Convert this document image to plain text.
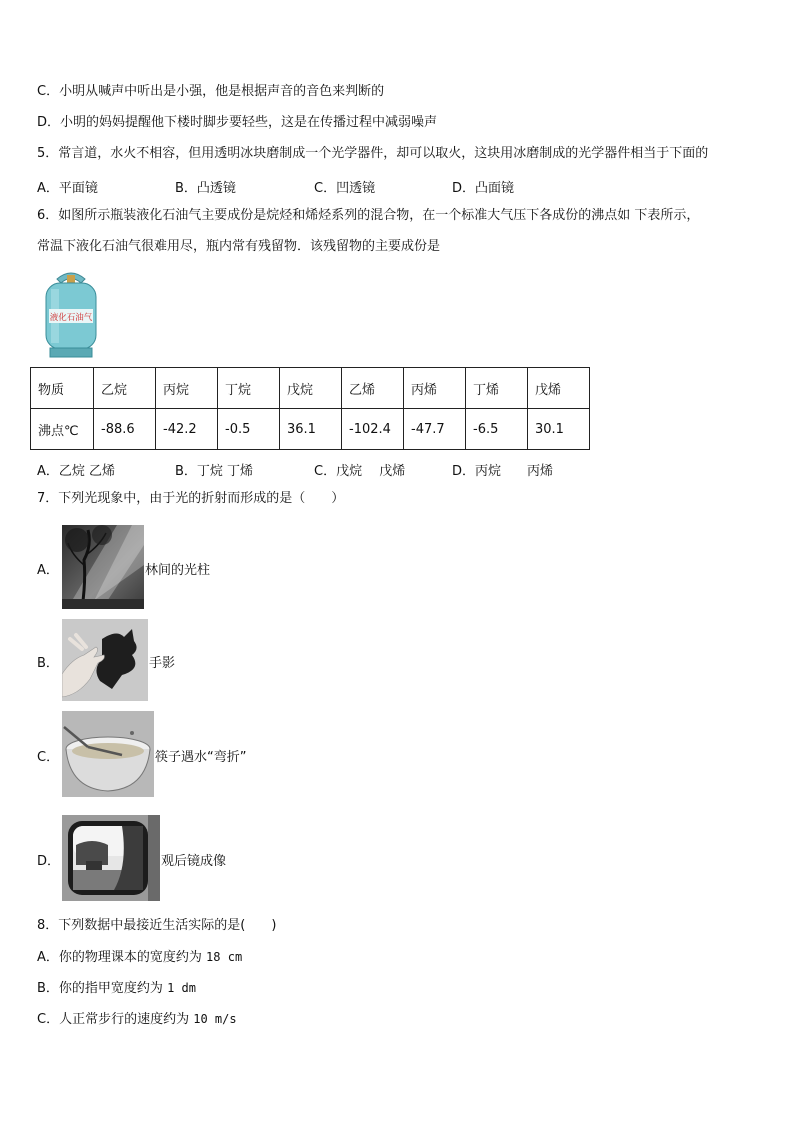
C．小明从喊声中听出是小强，他是根据声音的音色来判断的
D．小明的妈妈提醒他下楼时脚步要轻些，这是在传播过程中减弱噪声
5．常言道，水火不相容，但用透明冰块磨制成一个光学器件，却可以取火，这块用冰磨制成的光学器件相当于下面的
A．平面镜	B．凸透镜	C．凹透镜	D．凸面镜
6．如图所示瓶装液化石油气主要成份是烷烃和烯烃系列的混合物，在一个标准大气压下各成份的沸点如 下表所示，
常温下液化石油气很难用尽，瓶内常有残留物．该残留物的主要成份是
液化石油气
物质	乙烷	丙烷	丁烷	戊烷	乙烯	丙烯	丁烯	戊烯
沸点℃	-88.6	-42.2	-0.5	36.1	-102.4	-47.7	-6.5	30.1
A．乙烷 乙烯	B．丁烷 丁烯	C．戊烷　 戊烯	D．丙烷　　丙烯
7．下列光现象中，由于光的折射而形成的是（　　）
A．	林间的光柱
B．	手影
C．	筷子遇水“弯折”
D．	观后镜成像
8．下列数据中最接近生活实际的是(　　)
A．你的物理课本的宽度约为 18 cm
B．你的指甲宽度约为 1 dm
C．人正常步行的速度约为 10 m/s
